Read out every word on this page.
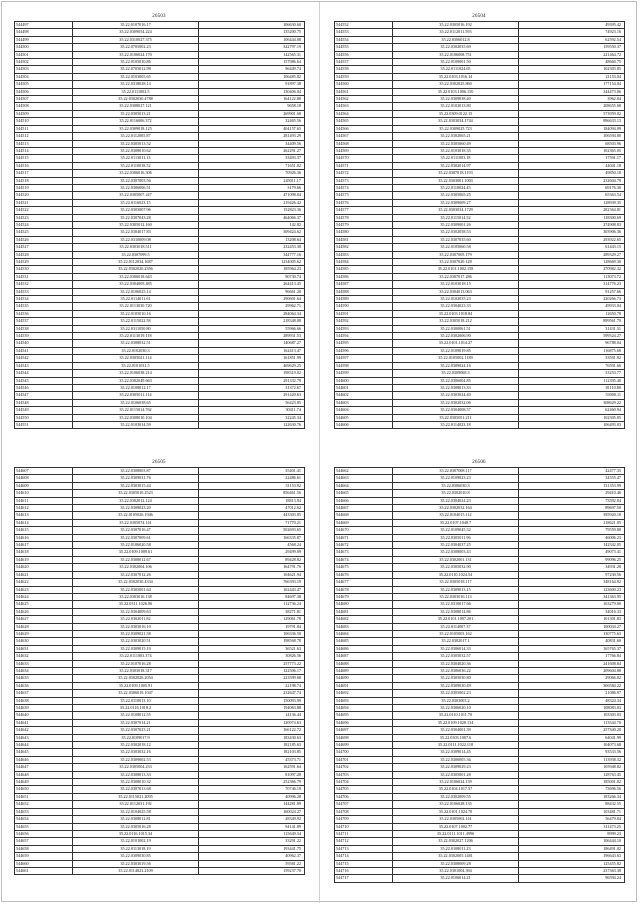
26503
544497	35.22.0107016.17	106630.60
544498	35.22.0309054.224	135200.75
544499	35.22.0310027.375	106444.08
544500	35.22.0705002.23	322797.19
544501	35.22.0106024.170	142565.31
544502	35.22.0105010.86	157986.64
544503	35.22.0705012.98	96449.74
544504	35.22.0103005.65	106485.82
544505	35.22.0318028.14	91897.38
544506	35.22.0111002.5	130406.04
544507	35.22.0302030.4788	164122.88
544508	35.22.0308027.121	9658.18
544509	35.22.0305013.21	269901.68
544510	35.22.0116006.372	32465.56
544511	35.22.0309018.125	404157.65
544512	35.22.0112005.87	281493.29
544513	35.22.0305013.52	34409.56
544514	35.22.0308010.62	262291.27
544515	35.22.0113011.13	33493.37
544516	35.22.0110018.52	71651.02
544517	35.22.0306016.306	70926.36
544518	35.22.0307003.56	245011.17
544519	35.22.0306006.51	3179.66
544520	35.22.0305007.247	471098.04
544521	35.22.0116023.15	219426.42
544522	35.22.0303007.96	152823.36
544523	35.22.0307043.28	464066.37
544524	35.22.0305012.160	142.82
544525	35.22.0304017.83	309424.62
544526	35.22.0310009.08	13208.64
544527	35.22.0303018.511	232453.38
544528	35.22.0307099.5	344777.16
544529	35.22.0112034.1687	1234005.62
544530	35.22.0302020.2356	185964.23
544531	35.22.0306018.643	90730.74
544532	35.22.0304005.485	264413.45
544533	35.22.0106025.14	96661.20
544534	35.22.0114011.61	290601.64
544535	35.22.0113030.720	29962.71
544536	35.22.0105010.16	284064.34
544537	35.22.0115022.58	218348.08
544538	35.22.0311050.80	55966.66
544539	35.22.0113019.118	289931.53
544540	35.22.0308032.51	140687.27
544541	35.22.0102030.3	162413.47
544542	35.22.0305021.114	161851.99
544543	35.22.0101031.5	469629.25
544544	35.22.0106038.214	198319.02
544545	35.22.0302049.663	291332.79
544546	35.22.0108012.17	31372.67
544547	35.22.0305011.114	291420.63
544548	35.22.0106038.65	56423.85
544549	35.22.0115014.762	30411.74
544550	35.22.0308010.104	32245.34
544551	35.22.0103014.59	122630.76
26504
544552	35.22.0305016.192	49395.42
544553	35.22.0112011.593	74923.16
544554	35.22.0306012.8	62592.54
544555	35.22.0302035.69	159550.37
544556	35.22.0106008.751	221464.72
544557	35.22.0109001.50	48660.75
544558	35.22.0111024.65	102303.85
544559	35.22.0103.1016.14	21153.04
544560	35.22.0302025.860	177154.04
544561	35.22.0103.1006.150	344473.06
544562	35.22.0309038.40	3962.04
544563	35.22.0102013.80	208655.68
544564	35.22.0309.0122.15	573959.02
544565	35.22.0303034.1744	896633.13
544566	35.22.0309025.723	184094.09
544567	35.22.0302065.21	106594.80
544568	35.22.0305060.49	68503.96
544569	35.22.0103018.35	102365.05
544570	35.22.0111003.18	17591.17
544571	35.22.0302014.97	44041.18
544572	35.22.0307018.1193	49850.18
544573	35.22.0303001.1003	232604.79
544574	35.22.0110024.45	69176.30
544575	35.22.0305065.25	65363.54
544576	35.22.0309009.27	128939.35
544577	35.22.0303034.1729	282364.81
544578	35.22.0115014.52	118300.69
544579	35.22.0309001.26	274908.83
544580	35.22.0302058.53	303906.36
544581	35.22.0307035.60	293922.65
544582	35.22.0105060.58	61443.15
544583	35.22.0307005.179	289329.27
544584	35.22.0307020.128	128669.30
544585	35.22.0101.1002.158	270982.32
544586	35.22.0307017.286	113073.72
544587	35.22.0103018.15	314776.23
544588	35.22.0304013.063	91257.66
544589	35.22.0102035.23	220266.73
544590	35.22.0304023.33	49933.04
544591	35.22.0103.1018.84	12650.78
544592	35.22.0305018.212	899561.70
544593	35.22.0300061.51	31431.51
544594	35.22.0302006.90	599524.27
544595	35.22.0101.1014.27	96788.04
544596	35.22.0109019.85	116875.68
544597	35.22.0105002.1189	33591.92
544598	35.22.0309024.16	76591.66
544599	35.22.0309068.3	33253.77
544600	35.22.0306004.85	112395.40
544601	35.22.0308013.33	81110.80
544602	35.22.0303024.40	53000.11
544603	35.22.0302032.06	308629.22
544604	35.22.0304008.57	62460.94
544605	35.22.0305051.211	102305.85
544606	35.22.0114023.18	106493.03
26505
544607	35.22.0308003.87	35401.41
544608	35.22.0309031.76	22486.61
544609	35.22.0303015.44	31153.92
544610	35.22.0305010.2523	856461.56
544611	35.22.0302012.124	18813.94
544612	35.22.0308023.20	47012.62
544613	35.22.0105026.1946	443303.85
544614	35.22.0305074.141	71770.21
544615	35.22.0307016.47	502693.65
544616	35.22.0307009.61	166335.87
544617	35.22.0106020.58	4568.24
544618	35.22.0109.1009.61	29499.09
544619	35.22.0308012.67	89428.82
544620	35.22.0302004.106	164791.76
544621	35.22.0307012.26	104621.94
544622	35.22.0302030.4334	766393.19
544623	35.22.0305001.64	162443.47
544624	35.22.0303016.138	84697.38
544625	35.22.0311.1026.06	112736.24
544626	35.22.0304009.63	38271.81
544627	35.22.0302011.82	129061.78
544628	35.22.0303016.10	19791.84
544629	35.22.0309021.58	106336.50
544630	35.22.0303020.51	198568.78
544631	35.22.0309015.19	36521.63
544632	35.22.0111003.374	30826.56
544633	35.22.0107016.28	257773.22
544634	35.22.0303018.317	122506.17
544635	35.22.0302026.2054	223599.68
544636	35.22.0109.1005.91	22198.74
544637	35.22.0306019.1047	232647.74
544638	35.22.0110013.10	150093.99
544639	35.22.0116.1018.2	194063.88
544640	35.22.0108012.55	14136.44
544641	35.22.0307014.21	120974.63
544642	35.22.0307023.21	166122.72
544643	35.22.0109017.9	183430.63
544644	35.22.0302018.12	182185.63
544645	35.22.0303032.16	182103.85
544646	35.22.0309002.53	45373.71
544647	35.22.0305004.233	162591.64
544648	35.22.0308013.33	81097.28
544649	35.22.0308010.32	252366.79
544650	35.22.0307013.68	70746.19
544651	35.22.0115021.2095	40996.28
544652	35.22.0112031.192	144281.89
544653	35.22.0104025.58	160024.27
544654	35.22.0308012.81	28349.92
544655	35.22.0305016.28	94141.89
544656	35.22.0116.1015.34	115649.34
544657	35.22.0101002.19	33291.22
544658	35.22.0113018.19	193441.75
544659	35.22.0309030.85	40962.37
544660	35.22.0303019.56	59581.22
544661	35.22.0114023.2109	159237.70
26506
544662	35.22.0307008.117	42477.35
544663	35.22.0109023.23	34555.47
544664	35.22.0306030.3	131353.99
544665	35.22.0302010.8	29410.46
544666	35.22.0304024.23	73592.04
544667	35.22.0302032.164	89697.50
544668	35.22.0104015.112	395920.18
544669	35.22.0107.1040.7	218621.05
544670	35.22.0109045.32	79559.80
544671	35.22.0305011.96	46006.23
544672	35.22.0304037.25	142342.05
544673	35.22.0308003.43	49073.41
544674	35.22.0302001.131	99096.25
544675	35.22.0305032.90	34931.28
544676	35.22.0110.1024.54	97230.56
544677	35.22.0305018.117	348164.92
544678	35.22.0309013.15	123600.23
544679	35.22.0303016.113	341363.95
544680	35.22.0310017.66	163279.00
544681	35.22.0308014.86	34016.33
544682	35.22.0101.1097.201	101301.83
544683	35.22.0114007.37	100034.27
544684	35.22.0105003.162	130775.63
544685	35.22.0302017.1	40831.60
544686	35.22.0306014.33	165765.37
544687	35.22.0305032.57	17766.84
544688	35.22.0304020.36	241608.84
544689	35.22.0306036.22	209604.88
544690	35.22.0305030.80	29066.02
544691	35.22.0309030.49	306584.22
544692	35.22.0305002.23	21086.97
544693	35.22.0303003.2	48324.34
544694	35.22.0306020.10	108083.03
544695	35.22.0110.1011.70	103303.03
544696	35.22.0109.1028.134	113544.70
544697	35.22.0304001.39	257340.20
544698	35.22.0303.1007.6	64041.99
544699	35.22.0111.1022.118	104073.68
544700	35.22.0309014.45	93533.56
544701	35.22.0306005.36	113938.32
544702	35.22.0309029.23	105948.82
544703	35.22.0305001.28	128763.45
544704	35.22.0106024.139	185001.02
544705	35.22.0104.1017.57	73696.56
544706	35.22.0302009.55	183266.34
544707	35.22.0106028.135	88432.55
544708	35.22.0101.1024.70	103481.71
544709	35.22.0305002.141	56479.04
544710	35.22.0107.1002.77	311473.25
544711	35.22.0111.1011.4996	8999.23
544712	35.22.0302027.1206	106444.10
544713	35.22.0108011.23	186491.02
544714	35.22.0302005.1481	196643.63
544715	35.22.0308009.28	125455.82
544716	35.22.0301004.394	237363.38
544717	35.22.0106014.21	96594.24
